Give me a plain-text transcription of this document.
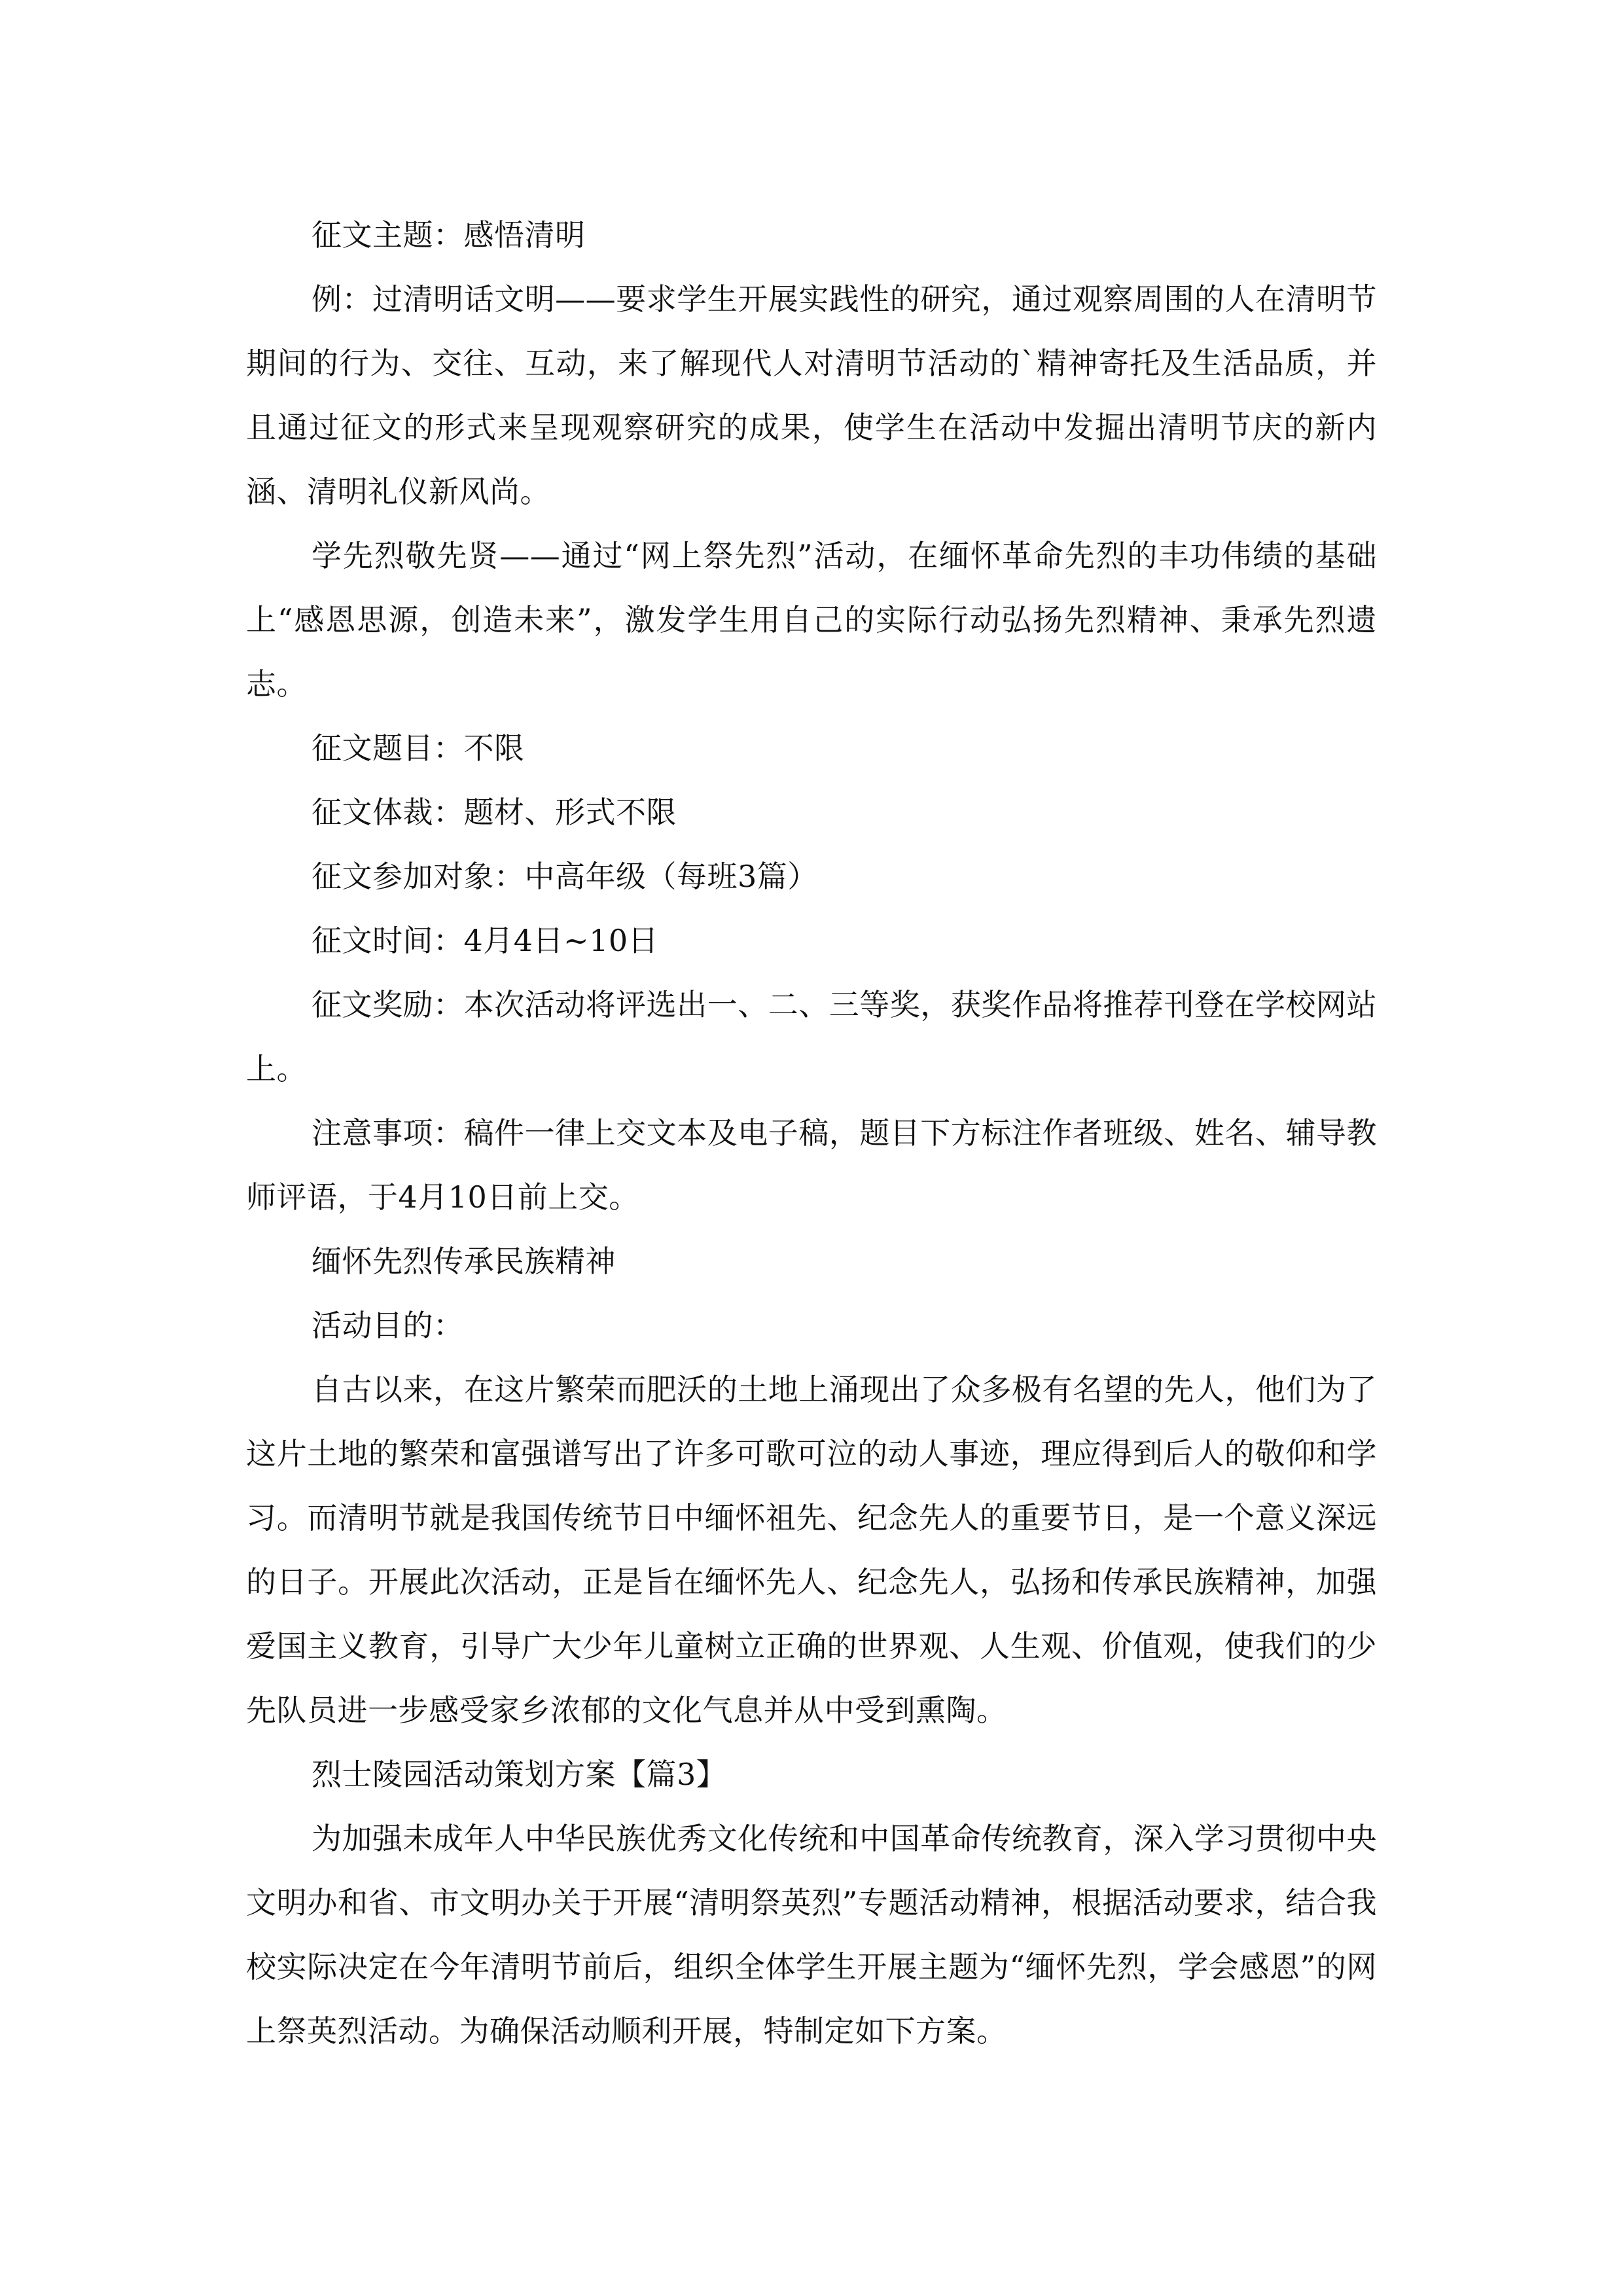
征文主题：感悟清明

例：过清明话文明——要求学生开展实践性的研究，通过观察周围的人在清明节期间的行为、交往、互动，来了解现代人对清明节活动的`精神寄托及生活品质，并且通过征文的形式来呈现观察研究的成果，使学生在活动中发掘出清明节庆的新内涵、清明礼仪新风尚。

学先烈敬先贤——通过“网上祭先烈”活动，在缅怀革命先烈的丰功伟绩的基础上“感恩思源，创造未来”，激发学生用自己的实际行动弘扬先烈精神、秉承先烈遗志。

征文题目：不限

征文体裁：题材、形式不限

征文参加对象：中高年级（每班3篇）

征文时间：4月4日~10日

征文奖励：本次活动将评选出一、二、三等奖，获奖作品将推荐刊登在学校网站上。

注意事项：稿件一律上交文本及电子稿，题目下方标注作者班级、姓名、辅导教师评语，于4月10日前上交。

缅怀先烈传承民族精神

活动目的：

自古以来，在这片繁荣而肥沃的土地上涌现出了众多极有名望的先人，他们为了这片土地的繁荣和富强谱写出了许多可歌可泣的动人事迹，理应得到后人的敬仰和学习。而清明节就是我国传统节日中缅怀祖先、纪念先人的重要节日，是一个意义深远的日子。开展此次活动，正是旨在缅怀先人、纪念先人，弘扬和传承民族精神，加强爱国主义教育，引导广大少年儿童树立正确的世界观、人生观、价值观，使我们的少先队员进一步感受家乡浓郁的文化气息并从中受到熏陶。

烈士陵园活动策划方案【篇3】

为加强未成年人中华民族优秀文化传统和中国革命传统教育，深入学习贯彻中央文明办和省、市文明办关于开展“清明祭英烈”专题活动精神，根据活动要求，结合我校实际决定在今年清明节前后，组织全体学生开展主题为“缅怀先烈，学会感恩”的网上祭英烈活动。为确保活动顺利开展，特制定如下方案。
